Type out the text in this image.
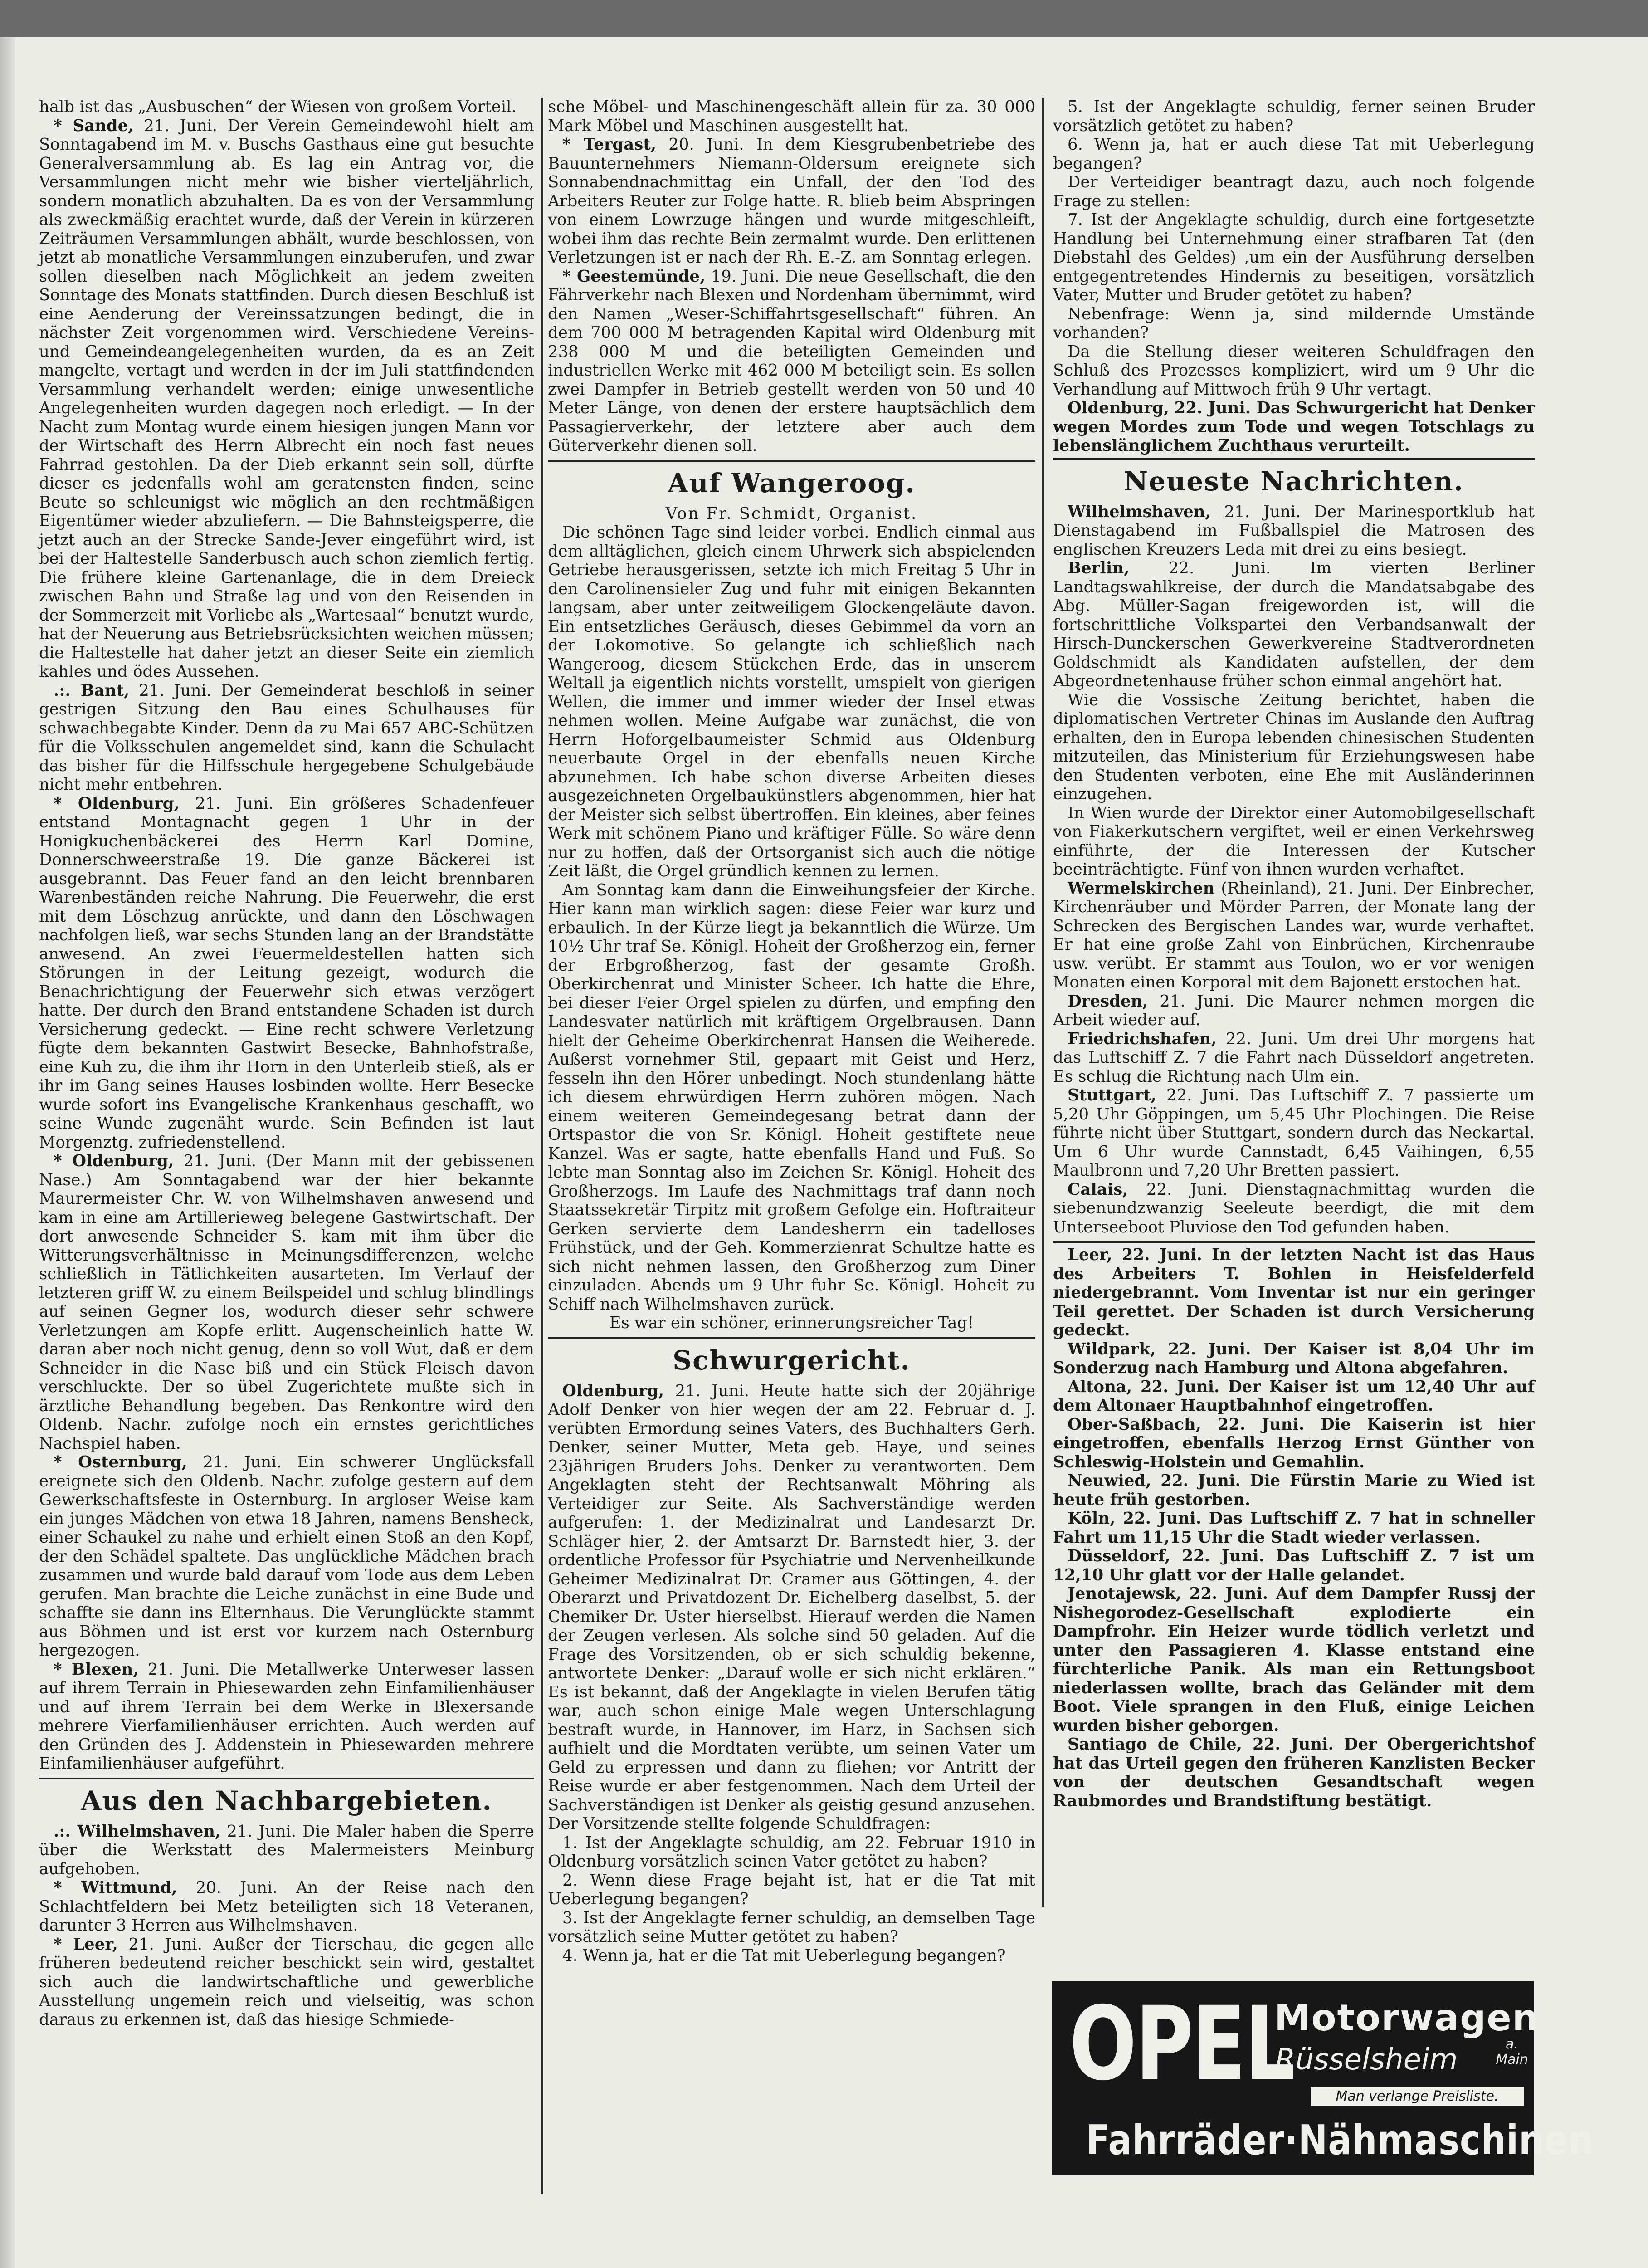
halb ist das „Ausbuschen“ der Wiesen von großem Vorteil.

* Sande, 21. Juni. Der Verein Gemeindewohl hielt am Sonntagabend im M. v. Buschs Gasthaus eine gut besuchte Generalversammlung ab. Es lag ein Antrag vor, die Versammlungen nicht mehr wie bisher vierteljährlich, sondern monatlich abzuhalten. Da es von der Versammlung als zweckmäßig erachtet wurde, daß der Verein in kürzeren Zeiträumen Versammlungen abhält, wurde beschlossen, von jetzt ab monatliche Versammlungen einzuberufen, und zwar sollen dieselben nach Möglichkeit an jedem zweiten Sonntage des Monats stattfinden. Durch diesen Beschluß ist eine Aenderung der Vereinssatzungen bedingt, die in nächster Zeit vorgenommen wird. Verschiedene Vereins- und Gemeindeangelegenheiten wurden, da es an Zeit mangelte, vertagt und werden in der im Juli stattfindenden Versammlung verhandelt werden; einige unwesentliche Angelegenheiten wurden dagegen noch erledigt. — In der Nacht zum Montag wurde einem hiesigen jungen Mann vor der Wirtschaft des Herrn Albrecht ein noch fast neues Fahrrad gestohlen. Da der Dieb erkannt sein soll, dürfte dieser es jedenfalls wohl am geratensten finden, seine Beute so schleunigst wie möglich an den rechtmäßigen Eigentümer wieder abzuliefern. — Die Bahnsteigsperre, die jetzt auch an der Strecke Sande-Jever eingeführt wird, ist bei der Haltestelle Sanderbusch auch schon ziemlich fertig. Die frühere kleine Gartenanlage, die in dem Dreieck zwischen Bahn und Straße lag und von den Reisenden in der Sommerzeit mit Vorliebe als „Wartesaal“ benutzt wurde, hat der Neuerung aus Betriebsrücksichten weichen müssen; die Haltestelle hat daher jetzt an dieser Seite ein ziemlich kahles und ödes Aussehen.

.:. Bant, 21. Juni. Der Gemeinderat beschloß in seiner gestrigen Sitzung den Bau eines Schulhauses für schwachbegabte Kinder. Denn da zu Mai 657 ABC-Schützen für die Volksschulen angemeldet sind, kann die Schulacht das bisher für die Hilfsschule hergegebene Schulgebäude nicht mehr entbehren.

* Oldenburg, 21. Juni. Ein größeres Schadenfeuer entstand Montagnacht gegen 1 Uhr in der Honigkuchenbäckerei des Herrn Karl Domine, Donnerschweerstraße 19. Die ganze Bäckerei ist ausgebrannt. Das Feuer fand an den leicht brennbaren Warenbeständen reiche Nahrung. Die Feuerwehr, die erst mit dem Löschzug anrückte, und dann den Löschwagen nachfolgen ließ, war sechs Stunden lang an der Brandstätte anwesend. An zwei Feuermeldestellen hatten sich Störungen in der Leitung gezeigt, wodurch die Benachrichtigung der Feuerwehr sich etwas verzögert hatte. Der durch den Brand entstandene Schaden ist durch Versicherung gedeckt. — Eine recht schwere Verletzung fügte dem bekannten Gastwirt Besecke, Bahnhofstraße, eine Kuh zu, die ihm ihr Horn in den Unterleib stieß, als er ihr im Gang seines Hauses losbinden wollte. Herr Besecke wurde sofort ins Evangelische Krankenhaus geschafft, wo seine Wunde zugenäht wurde. Sein Befinden ist laut Morgenztg. zufriedenstellend.

* Oldenburg, 21. Juni. (Der Mann mit der gebissenen Nase.) Am Sonntagabend war der hier bekannte Maurermeister Chr. W. von Wilhelmshaven anwesend und kam in eine am Artillerieweg belegene Gastwirtschaft. Der dort anwesende Schneider S. kam mit ihm über die Witterungsverhältnisse in Meinungsdifferenzen, welche schließlich in Tätlichkeiten ausarteten. Im Verlauf der letzteren griff W. zu einem Beilspeidel und schlug blindlings auf seinen Gegner los, wodurch dieser sehr schwere Verletzungen am Kopfe erlitt. Augenscheinlich hatte W. daran aber noch nicht genug, denn so voll Wut, daß er dem Schneider in die Nase biß und ein Stück Fleisch davon verschluckte. Der so übel Zugerichtete mußte sich in ärztliche Behandlung begeben. Das Renkontre wird den Oldenb. Nachr. zufolge noch ein ernstes gerichtliches Nachspiel haben.

* Osternburg, 21. Juni. Ein schwerer Unglücksfall ereignete sich den Oldenb. Nachr. zufolge gestern auf dem Gewerkschaftsfeste in Osternburg. In argloser Weise kam ein junges Mädchen von etwa 18 Jahren, namens Bensheck, einer Schaukel zu nahe und erhielt einen Stoß an den Kopf, der den Schädel spaltete. Das unglückliche Mädchen brach zusammen und wurde bald darauf vom Tode aus dem Leben gerufen. Man brachte die Leiche zunächst in eine Bude und schaffte sie dann ins Elternhaus. Die Verunglückte stammt aus Böhmen und ist erst vor kurzem nach Osternburg hergezogen.

* Blexen, 21. Juni. Die Metallwerke Unterweser lassen auf ihrem Terrain in Phiesewarden zehn Einfamilienhäuser und auf ihrem Terrain bei dem Werke in Blexersande mehrere Vierfamilienhäuser errichten. Auch werden auf den Gründen des J. Addenstein in Phiesewarden mehrere Einfamilienhäuser aufgeführt.

Aus den Nachbargebieten.

.:. Wilhelmshaven, 21. Juni. Die Maler haben die Sperre über die Werkstatt des Malermeisters Meinburg aufgehoben.

* Wittmund, 20. Juni. An der Reise nach den Schlachtfeldern bei Metz beteiligten sich 18 Veteranen, darunter 3 Herren aus Wilhelmshaven.

* Leer, 21. Juni. Außer der Tierschau, die gegen alle früheren bedeutend reicher beschickt sein wird, gestaltet sich auch die landwirtschaftliche und gewerbliche Ausstellung ungemein reich und vielseitig, was schon daraus zu erkennen ist, daß das hiesige Schmiede-

sche Möbel- und Maschinengeschäft allein für za. 30 000 Mark Möbel und Maschinen ausgestellt hat.

* Tergast, 20. Juni. In dem Kiesgrubenbetriebe des Bauunternehmers Niemann-Oldersum ereignete sich Sonnabendnachmittag ein Unfall, der den Tod des Arbeiters Reuter zur Folge hatte. R. blieb beim Abspringen von einem Lowrzuge hängen und wurde mitgeschleift, wobei ihm das rechte Bein zermalmt wurde. Den erlittenen Verletzungen ist er nach der Rh. E.-Z. am Sonntag erlegen.

* Geestemünde, 19. Juni. Die neue Gesellschaft, die den Fährverkehr nach Blexen und Nordenham übernimmt, wird den Namen „Weser-Schiffahrtsgesellschaft“ führen. An dem 700 000 M betragenden Kapital wird Oldenburg mit 238 000 M und die beteiligten Gemeinden und industriellen Werke mit 462 000 M beteiligt sein. Es sollen zwei Dampfer in Betrieb gestellt werden von 50 und 40 Meter Länge, von denen der erstere hauptsächlich dem Passagierverkehr, der letztere aber auch dem Güterverkehr dienen soll.

Auf Wangeroog.
Von Fr. Schmidt, Organist.

Die schönen Tage sind leider vorbei. Endlich einmal aus dem alltäglichen, gleich einem Uhrwerk sich abspielenden Getriebe herausgerissen, setzte ich mich Freitag 5 Uhr in den Carolinensieler Zug und fuhr mit einigen Bekannten langsam, aber unter zeitweiligem Glockengeläute davon. Ein entsetzliches Geräusch, dieses Gebimmel da vorn an der Lokomotive. So gelangte ich schließlich nach Wangeroog, diesem Stückchen Erde, das in unserem Weltall ja eigentlich nichts vorstellt, umspielt von gierigen Wellen, die immer und immer wieder der Insel etwas nehmen wollen. Meine Aufgabe war zunächst, die von Herrn Hoforgelbaumeister Schmid aus Oldenburg neuerbaute Orgel in der ebenfalls neuen Kirche abzunehmen. Ich habe schon diverse Arbeiten dieses ausgezeichneten Orgelbaukünstlers abgenommen, hier hat der Meister sich selbst übertroffen. Ein kleines, aber feines Werk mit schönem Piano und kräftiger Fülle. So wäre denn nur zu hoffen, daß der Ortsorganist sich auch die nötige Zeit läßt, die Orgel gründlich kennen zu lernen.

Am Sonntag kam dann die Einweihungsfeier der Kirche. Hier kann man wirklich sagen: diese Feier war kurz und erbaulich. In der Kürze liegt ja bekanntlich die Würze. Um 10½ Uhr traf Se. Königl. Hoheit der Großherzog ein, ferner der Erbgroßherzog, fast der gesamte Großh. Oberkirchenrat und Minister Scheer. Ich hatte die Ehre, bei dieser Feier Orgel spielen zu dürfen, und empfing den Landesvater natürlich mit kräftigem Orgelbrausen. Dann hielt der Geheime Oberkirchenrat Hansen die Weiherede. Außerst vornehmer Stil, gepaart mit Geist und Herz, fesseln ihn den Hörer unbedingt. Noch stundenlang hätte ich diesem ehrwürdigen Herrn zuhören mögen. Nach einem weiteren Gemeindegesang betrat dann der Ortspastor die von Sr. Königl. Hoheit gestiftete neue Kanzel. Was er sagte, hatte ebenfalls Hand und Fuß. So lebte man Sonntag also im Zeichen Sr. Königl. Hoheit des Großherzogs. Im Laufe des Nachmittags traf dann noch Staatssekretär Tirpitz mit großem Gefolge ein. Hoftraiteur Gerken servierte dem Landesherrn ein tadelloses Frühstück, und der Geh. Kommerzienrat Schultze hatte es sich nicht nehmen lassen, den Großherzog zum Diner einzuladen. Abends um 9 Uhr fuhr Se. Königl. Hoheit zu Schiff nach Wilhelmshaven zurück.

Es war ein schöner, erinnerungsreicher Tag!
Schwurgericht.

Oldenburg, 21. Juni. Heute hatte sich der 20jährige Adolf Denker von hier wegen der am 22. Februar d. J. verübten Ermordung seines Vaters, des Buchhalters Gerh. Denker, seiner Mutter, Meta geb. Haye, und seines 23jährigen Bruders Johs. Denker zu verantworten. Dem Angeklagten steht der Rechtsanwalt Möhring als Verteidiger zur Seite. Als Sachverständige werden aufgerufen: 1. der Medizinalrat und Landesarzt Dr. Schläger hier, 2. der Amtsarzt Dr. Barnstedt hier, 3. der ordentliche Professor für Psychiatrie und Nervenheilkunde Geheimer Medizinalrat Dr. Cramer aus Göttingen, 4. der Oberarzt und Privatdozent Dr. Eichelberg daselbst, 5. der Chemiker Dr. Uster hierselbst. Hierauf werden die Namen der Zeugen verlesen. Als solche sind 50 geladen. Auf die Frage des Vorsitzenden, ob er sich schuldig bekenne, antwortete Denker: „Darauf wolle er sich nicht erklären.“ Es ist bekannt, daß der Angeklagte in vielen Berufen tätig war, auch schon einige Male wegen Unterschlagung bestraft wurde, in Hannover, im Harz, in Sachsen sich aufhielt und die Mordtaten verübte, um seinen Vater um Geld zu erpressen und dann zu fliehen; vor Antritt der Reise wurde er aber festgenommen. Nach dem Urteil der Sachverständigen ist Denker als geistig gesund anzusehen. Der Vorsitzende stellte folgende Schuldfragen:

1. Ist der Angeklagte schuldig, am 22. Februar 1910 in Oldenburg vorsätzlich seinen Vater getötet zu haben?

2. Wenn diese Frage bejaht ist, hat er die Tat mit Ueberlegung begangen?

3. Ist der Angeklagte ferner schuldig, an demselben Tage vorsätzlich seine Mutter getötet zu haben?

4. Wenn ja, hat er die Tat mit Ueberlegung begangen?

5. Ist der Angeklagte schuldig, ferner seinen Bruder vorsätzlich getötet zu haben?

6. Wenn ja, hat er auch diese Tat mit Ueberlegung begangen?

Der Verteidiger beantragt dazu, auch noch folgende Frage zu stellen:

7. Ist der Angeklagte schuldig, durch eine fortgesetzte Handlung bei Unternehmung einer strafbaren Tat (den Diebstahl des Geldes) ,um ein der Ausführung derselben entgegentretendes Hindernis zu beseitigen, vorsätzlich Vater, Mutter und Bruder getötet zu haben?

Nebenfrage: Wenn ja, sind mildernde Umstände vorhanden?

Da die Stellung dieser weiteren Schuldfragen den Schluß des Prozesses kompliziert, wird um 9 Uhr die Verhandlung auf Mittwoch früh 9 Uhr vertagt.

Oldenburg, 22. Juni. Das Schwurgericht hat Denker wegen Mordes zum Tode und wegen Totschlags zu lebenslänglichem Zuchthaus verurteilt.

Neueste Nachrichten.

Wilhelmshaven, 21. Juni. Der Marinesportklub hat Dienstagabend im Fußballspiel die Matrosen des englischen Kreuzers Leda mit drei zu eins besiegt.

Berlin, 22. Juni. Im vierten Berliner Landtagswahlkreise, der durch die Mandatsabgabe des Abg. Müller-Sagan freigeworden ist, will die fortschrittliche Volkspartei den Verbandsanwalt der Hirsch-Dunckerschen Gewerkvereine Stadtverordneten Goldschmidt als Kandidaten aufstellen, der dem Abgeordnetenhause früher schon einmal angehört hat.

Wie die Vossische Zeitung berichtet, haben die diplomatischen Vertreter Chinas im Auslande den Auftrag erhalten, den in Europa lebenden chinesischen Studenten mitzuteilen, das Ministerium für Erziehungswesen habe den Studenten verboten, eine Ehe mit Ausländerinnen einzugehen.

In Wien wurde der Direktor einer Automobilgesellschaft von Fiakerkutschern vergiftet, weil er einen Verkehrsweg einführte, der die Interessen der Kutscher beeinträchtigte. Fünf von ihnen wurden verhaftet.

Wermelskirchen (Rheinland), 21. Juni. Der Einbrecher, Kirchenräuber und Mörder Parren, der Monate lang der Schrecken des Bergischen Landes war, wurde verhaftet. Er hat eine große Zahl von Einbrüchen, Kirchenraube usw. verübt. Er stammt aus Toulon, wo er vor wenigen Monaten einen Korporal mit dem Bajonett erstochen hat.

Dresden, 21. Juni. Die Maurer nehmen morgen die Arbeit wieder auf.

Friedrichshafen, 22. Juni. Um drei Uhr morgens hat das Luftschiff Z. 7 die Fahrt nach Düsseldorf angetreten. Es schlug die Richtung nach Ulm ein.

Stuttgart, 22. Juni. Das Luftschiff Z. 7 passierte um 5,20 Uhr Göppingen, um 5,45 Uhr Plochingen. Die Reise führte nicht über Stuttgart, sondern durch das Neckartal. Um 6 Uhr wurde Cannstadt, 6,45 Vaihingen, 6,55 Maulbronn und 7,20 Uhr Bretten passiert.

Calais, 22. Juni. Dienstagnachmittag wurden die siebenundzwanzig Seeleute beerdigt, die mit dem Unterseeboot Pluviose den Tod gefunden haben.

Leer, 22. Juni. In der letzten Nacht ist das Haus des Arbeiters T. Bohlen in Heisfelderfeld niedergebrannt. Vom Inventar ist nur ein geringer Teil gerettet. Der Schaden ist durch Versicherung gedeckt.

Wildpark, 22. Juni. Der Kaiser ist 8,04 Uhr im Sonderzug nach Hamburg und Altona abgefahren.

Altona, 22. Juni. Der Kaiser ist um 12,40 Uhr auf dem Altonaer Hauptbahnhof eingetroffen.

Ober-Saßbach, 22. Juni. Die Kaiserin ist hier eingetroffen, ebenfalls Herzog Ernst Günther von Schleswig-Holstein und Gemahlin.

Neuwied, 22. Juni. Die Fürstin Marie zu Wied ist heute früh gestorben.

Köln, 22. Juni. Das Luftschiff Z. 7 hat in schneller Fahrt um 11,15 Uhr die Stadt wieder verlassen.

Düsseldorf, 22. Juni. Das Luftschiff Z. 7 ist um 12,10 Uhr glatt vor der Halle gelandet.

Jenotajewsk, 22. Juni. Auf dem Dampfer Russj der Nishegorodez-Gesellschaft explodierte ein Dampfrohr. Ein Heizer wurde tödlich verletzt und unter den Passagieren 4. Klasse entstand eine fürchterliche Panik. Als man ein Rettungsboot niederlassen wollte, brach das Geländer mit dem Boot. Viele sprangen in den Fluß, einige Leichen wurden bisher geborgen.

Santiago de Chile, 22. Juni. Der Obergerichtshof hat das Urteil gegen den früheren Kanzlisten Becker von der deutschen Gesandtschaft wegen Raubmordes und Brandstiftung bestätigt.

OPEL
Motorwagen
Rüsselsheim	a. Main
Man verlange Preisliste.
Fahrräder·Nähmaschinen
